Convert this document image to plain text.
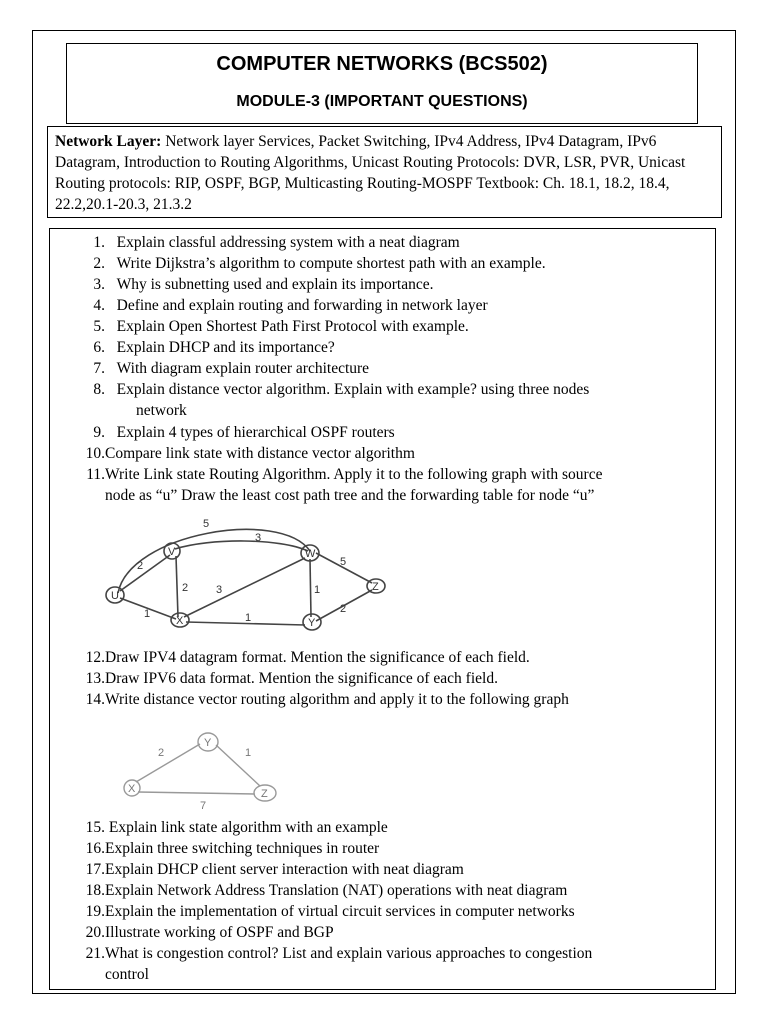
COMPUTER NETWORKS (BCS502)
MODULE-3 (IMPORTANT QUESTIONS)
Network Layer: Network layer Services, Packet Switching, IPv4 Address, IPv4 Datagram, IPv6 Datagram, Introduction to Routing Algorithms, Unicast Routing Protocols: DVR, LSR, PVR, Unicast Routing protocols: RIP, OSPF, BGP, Multicasting Routing-MOSPF Textbook: Ch. 18.1, 18.2, 18.4, 22.2,20.1-20.3, 21.3.2
1. Explain classful addressing system with a neat diagram
2. Write Dijkstra’s algorithm to compute shortest path with an example.
3. Why is subnetting used and explain its importance.
4. Define and explain routing and forwarding in network layer
5. Explain Open Shortest Path First Protocol with example.
6. Explain DHCP and its importance?
7. With diagram explain router architecture
8. Explain distance vector algorithm. Explain with example? using three nodes
network
9. Explain 4 types of hierarchical OSPF routers
10.Compare link state with distance vector algorithm
11.Write Link state Routing Algorithm. Apply it to the following graph with source
node as “u” Draw the least cost path tree and the forwarding table for node “u”
U
V	W
X	Y
Z
5
3
2
2	3
1	1
1
5
2
12.Draw IPV4 datagram format. Mention the significance of each field.
13.Draw IPV6 data format. Mention the significance of each field.
14.Write distance vector routing algorithm and apply it to the following graph
X
Y
Z
2	1
7
15. Explain link state algorithm with an example
16.Explain three switching techniques in router
17.Explain DHCP client server interaction with neat diagram
18.Explain Network Address Translation (NAT) operations with neat diagram
19.Explain the implementation of virtual circuit services in computer networks
20.Illustrate working of OSPF and BGP
21.What is congestion control? List and explain various approaches to congestion
control
